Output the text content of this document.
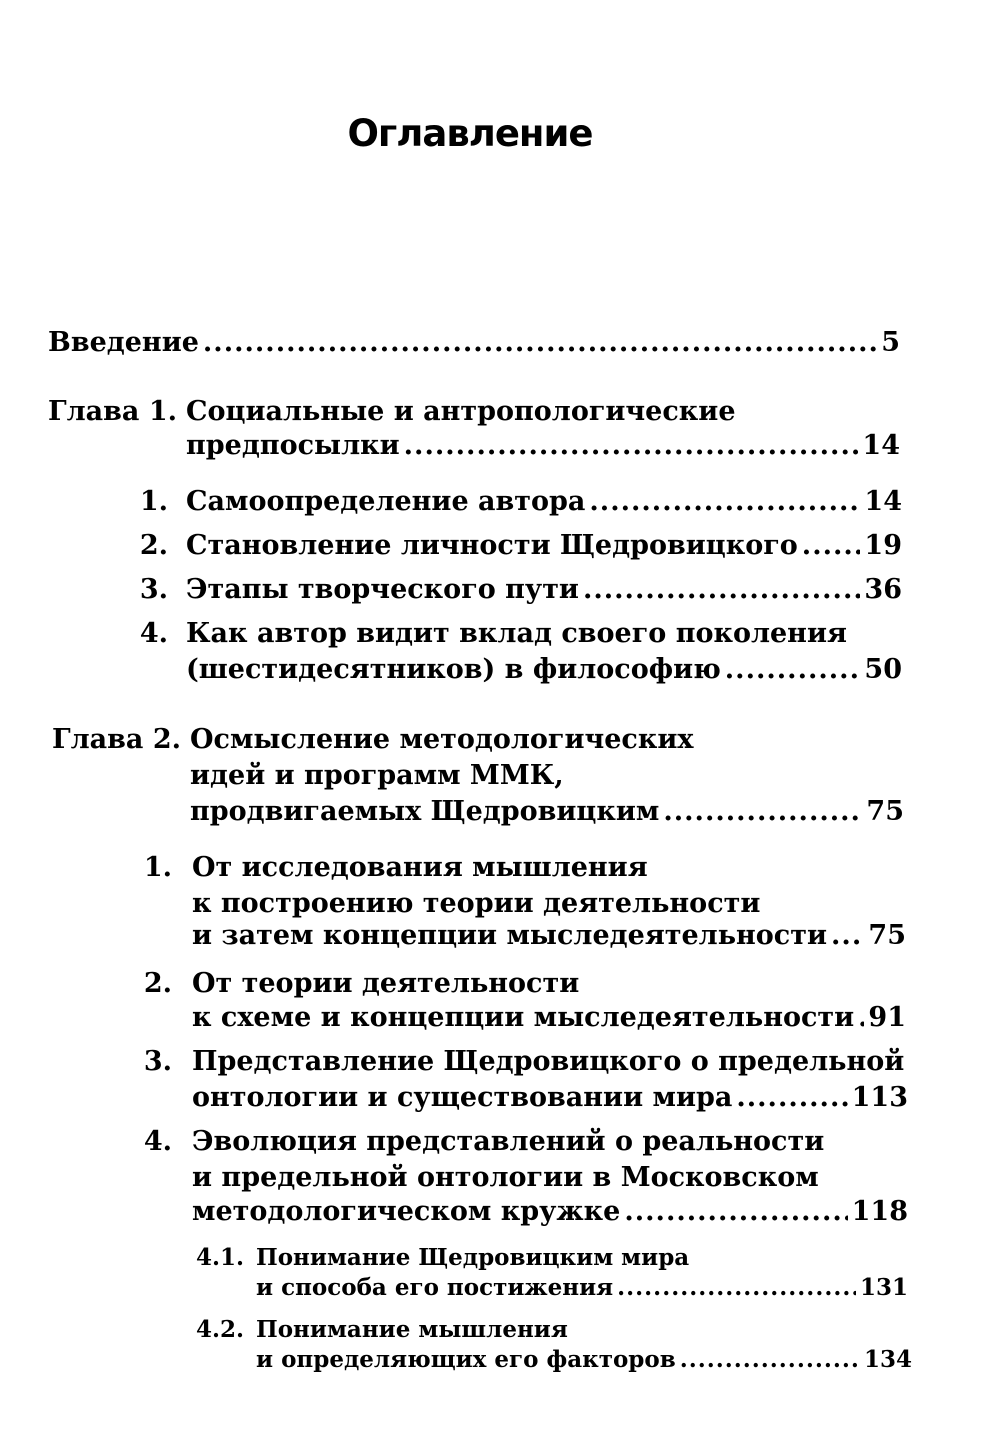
Оглавление
Введение .....	5
Глава 1. Социальные и антропологические
предпосылки .....	14
1. Самоопределение автора .....	14
2. Становление личности Щедровицкого ..... 19
3. Этапы творческого пути .....	36
4. Как автор видит вклад своего поколения
(шестидесятников) в философию .....	50
Глава 2. Осмысление методологических
идей и программ ММК,
продвигаемых Щедровицким .....	75
1. От исследования мышления
к построению теории деятельности
и затем концепции мыследеятельности ..... 75
2. От теории деятельности
к схеме и концепции мыследеятельности ..... 91
3. Представление Щедровицкого о предельной
онтологии и существовании мира .....	113
4. Эволюция представлений о реальности
и предельной онтологии в Московском
методологическом кружке .....	118
4.1. Понимание Щедровицким мира
и способа его постижения .....	131
4.2. Понимание мышления
и определяющих его факторов .....	134
